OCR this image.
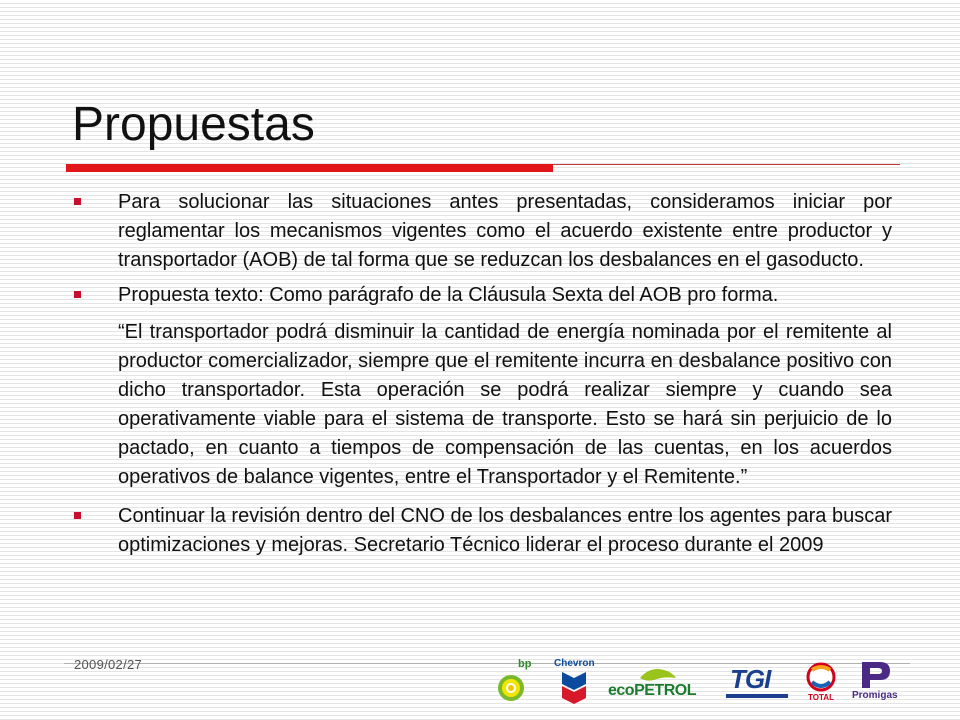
Propuestas
Para solucionar las situaciones antes presentadas, consideramos iniciar por reglamentar los mecanismos vigentes como el acuerdo existente entre productor y transportador (AOB) de tal forma que se reduzcan los desbalances en el gasoducto.
Propuesta texto: Como parágrafo de la Cláusula Sexta del AOB pro forma.
“El transportador podrá disminuir la cantidad de energía nominada por el remitente al productor comercializador, siempre que el remitente incurra en desbalance positivo con dicho transportador. Esta operación se podrá realizar siempre y cuando sea operativamente viable para el sistema de transporte. Esto se hará sin perjuicio de lo pactado, en cuanto a tiempos de compensación de las cuentas, en los acuerdos operativos de balance vigentes, entre el Transportador y el Remitente.”
Continuar la revisión dentro del CNO de los desbalances entre los agentes para buscar optimizaciones y mejoras. Secretario Técnico liderar el proceso durante el 2009
2009/02/27	bp Chevron
ecoPETROL TGI
TOTAL	Promigas
